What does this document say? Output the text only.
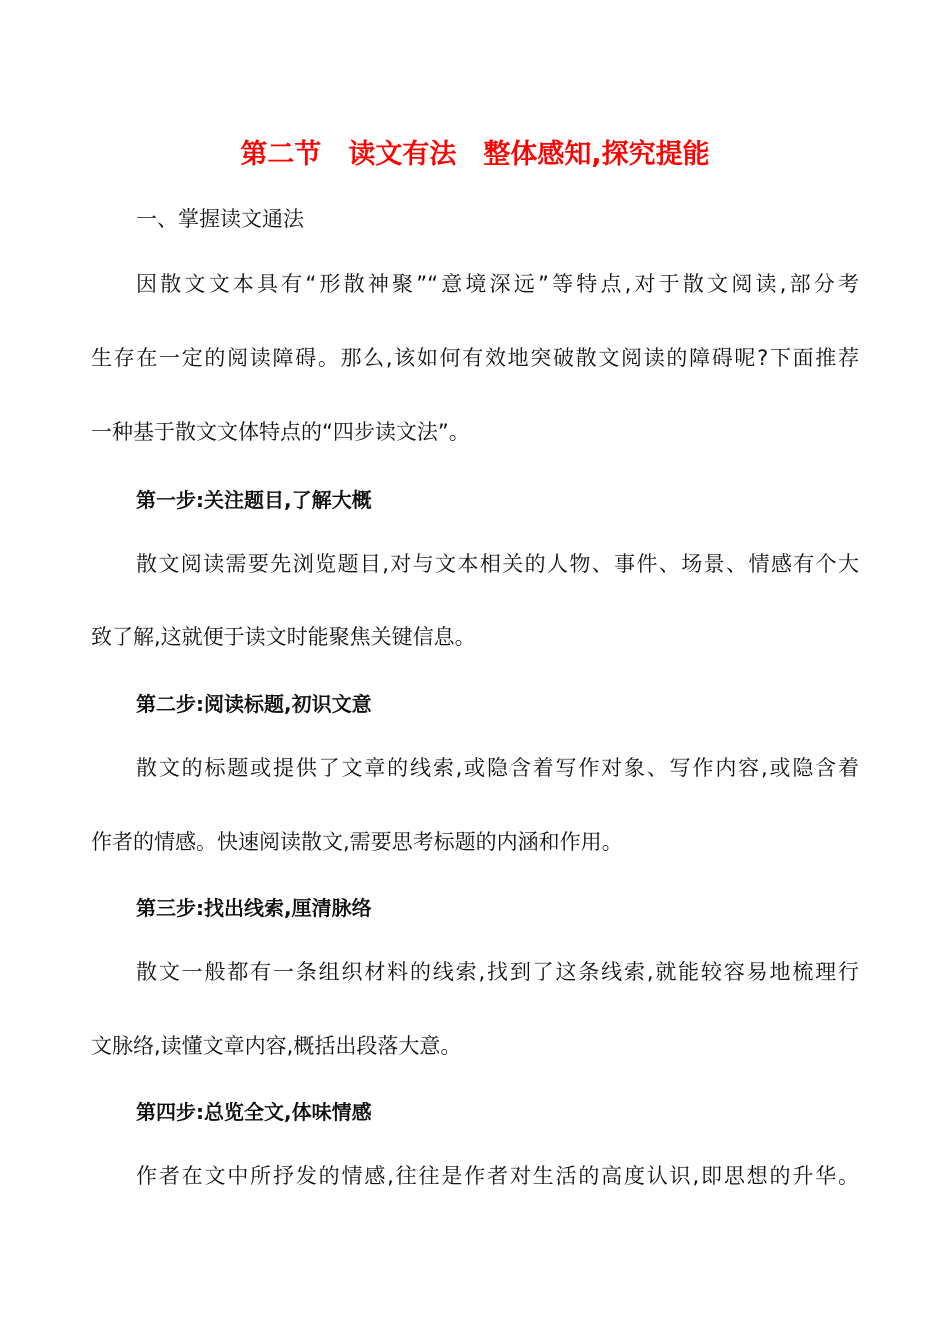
第二节　读文有法　整体感知,探究提能
一、掌握读文通法
因散文文本具有“形散神聚”“意境深远”等特点,对于散文阅读,部分考
生存在一定的阅读障碍。那么,该如何有效地突破散文阅读的障碍呢?下面推荐
一种基于散文文体特点的“四步读文法”。
第一步:关注题目,了解大概
散文阅读需要先浏览题目,对与文本相关的人物、事件、场景、情感有个大
致了解,这就便于读文时能聚焦关键信息。
第二步:阅读标题,初识文意
散文的标题或提供了文章的线索,或隐含着写作对象、写作内容,或隐含着
作者的情感。快速阅读散文,需要思考标题的内涵和作用。
第三步:找出线索,厘清脉络
散文一般都有一条组织材料的线索,找到了这条线索,就能较容易地梳理行
文脉络,读懂文章内容,概括出段落大意。
第四步:总览全文,体味情感
作者在文中所抒发的情感,往往是作者对生活的高度认识,即思想的升华。
